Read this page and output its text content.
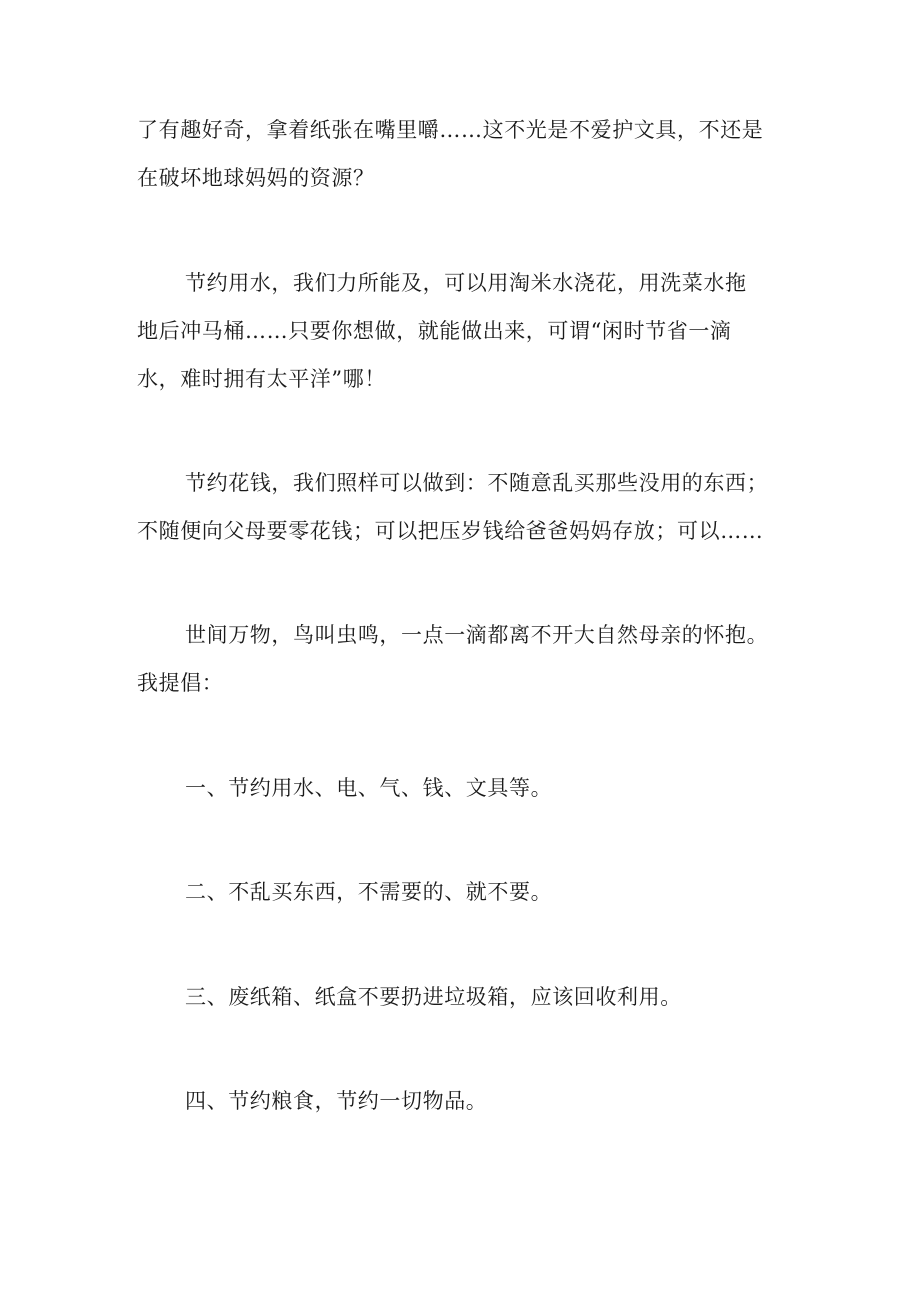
了有趣好奇，拿着纸张在嘴里嚼……这不光是不爱护文具，不还是
在破坏地球妈妈的资源？
节约用水，我们力所能及，可以用淘米水浇花，用洗菜水拖
地后冲马桶……只要你想做，就能做出来，可谓“闲时节省一滴
水，难时拥有太平洋”哪！
节约花钱，我们照样可以做到：不随意乱买那些没用的东西；
不随便向父母要零花钱；可以把压岁钱给爸爸妈妈存放；可以……
世间万物，鸟叫虫鸣，一点一滴都离不开大自然母亲的怀抱。
我提倡：
一、节约用水、电、气、钱、文具等。
二、不乱买东西，不需要的、就不要。
三、废纸箱、纸盒不要扔进垃圾箱，应该回收利用。
四、节约粮食，节约一切物品。
